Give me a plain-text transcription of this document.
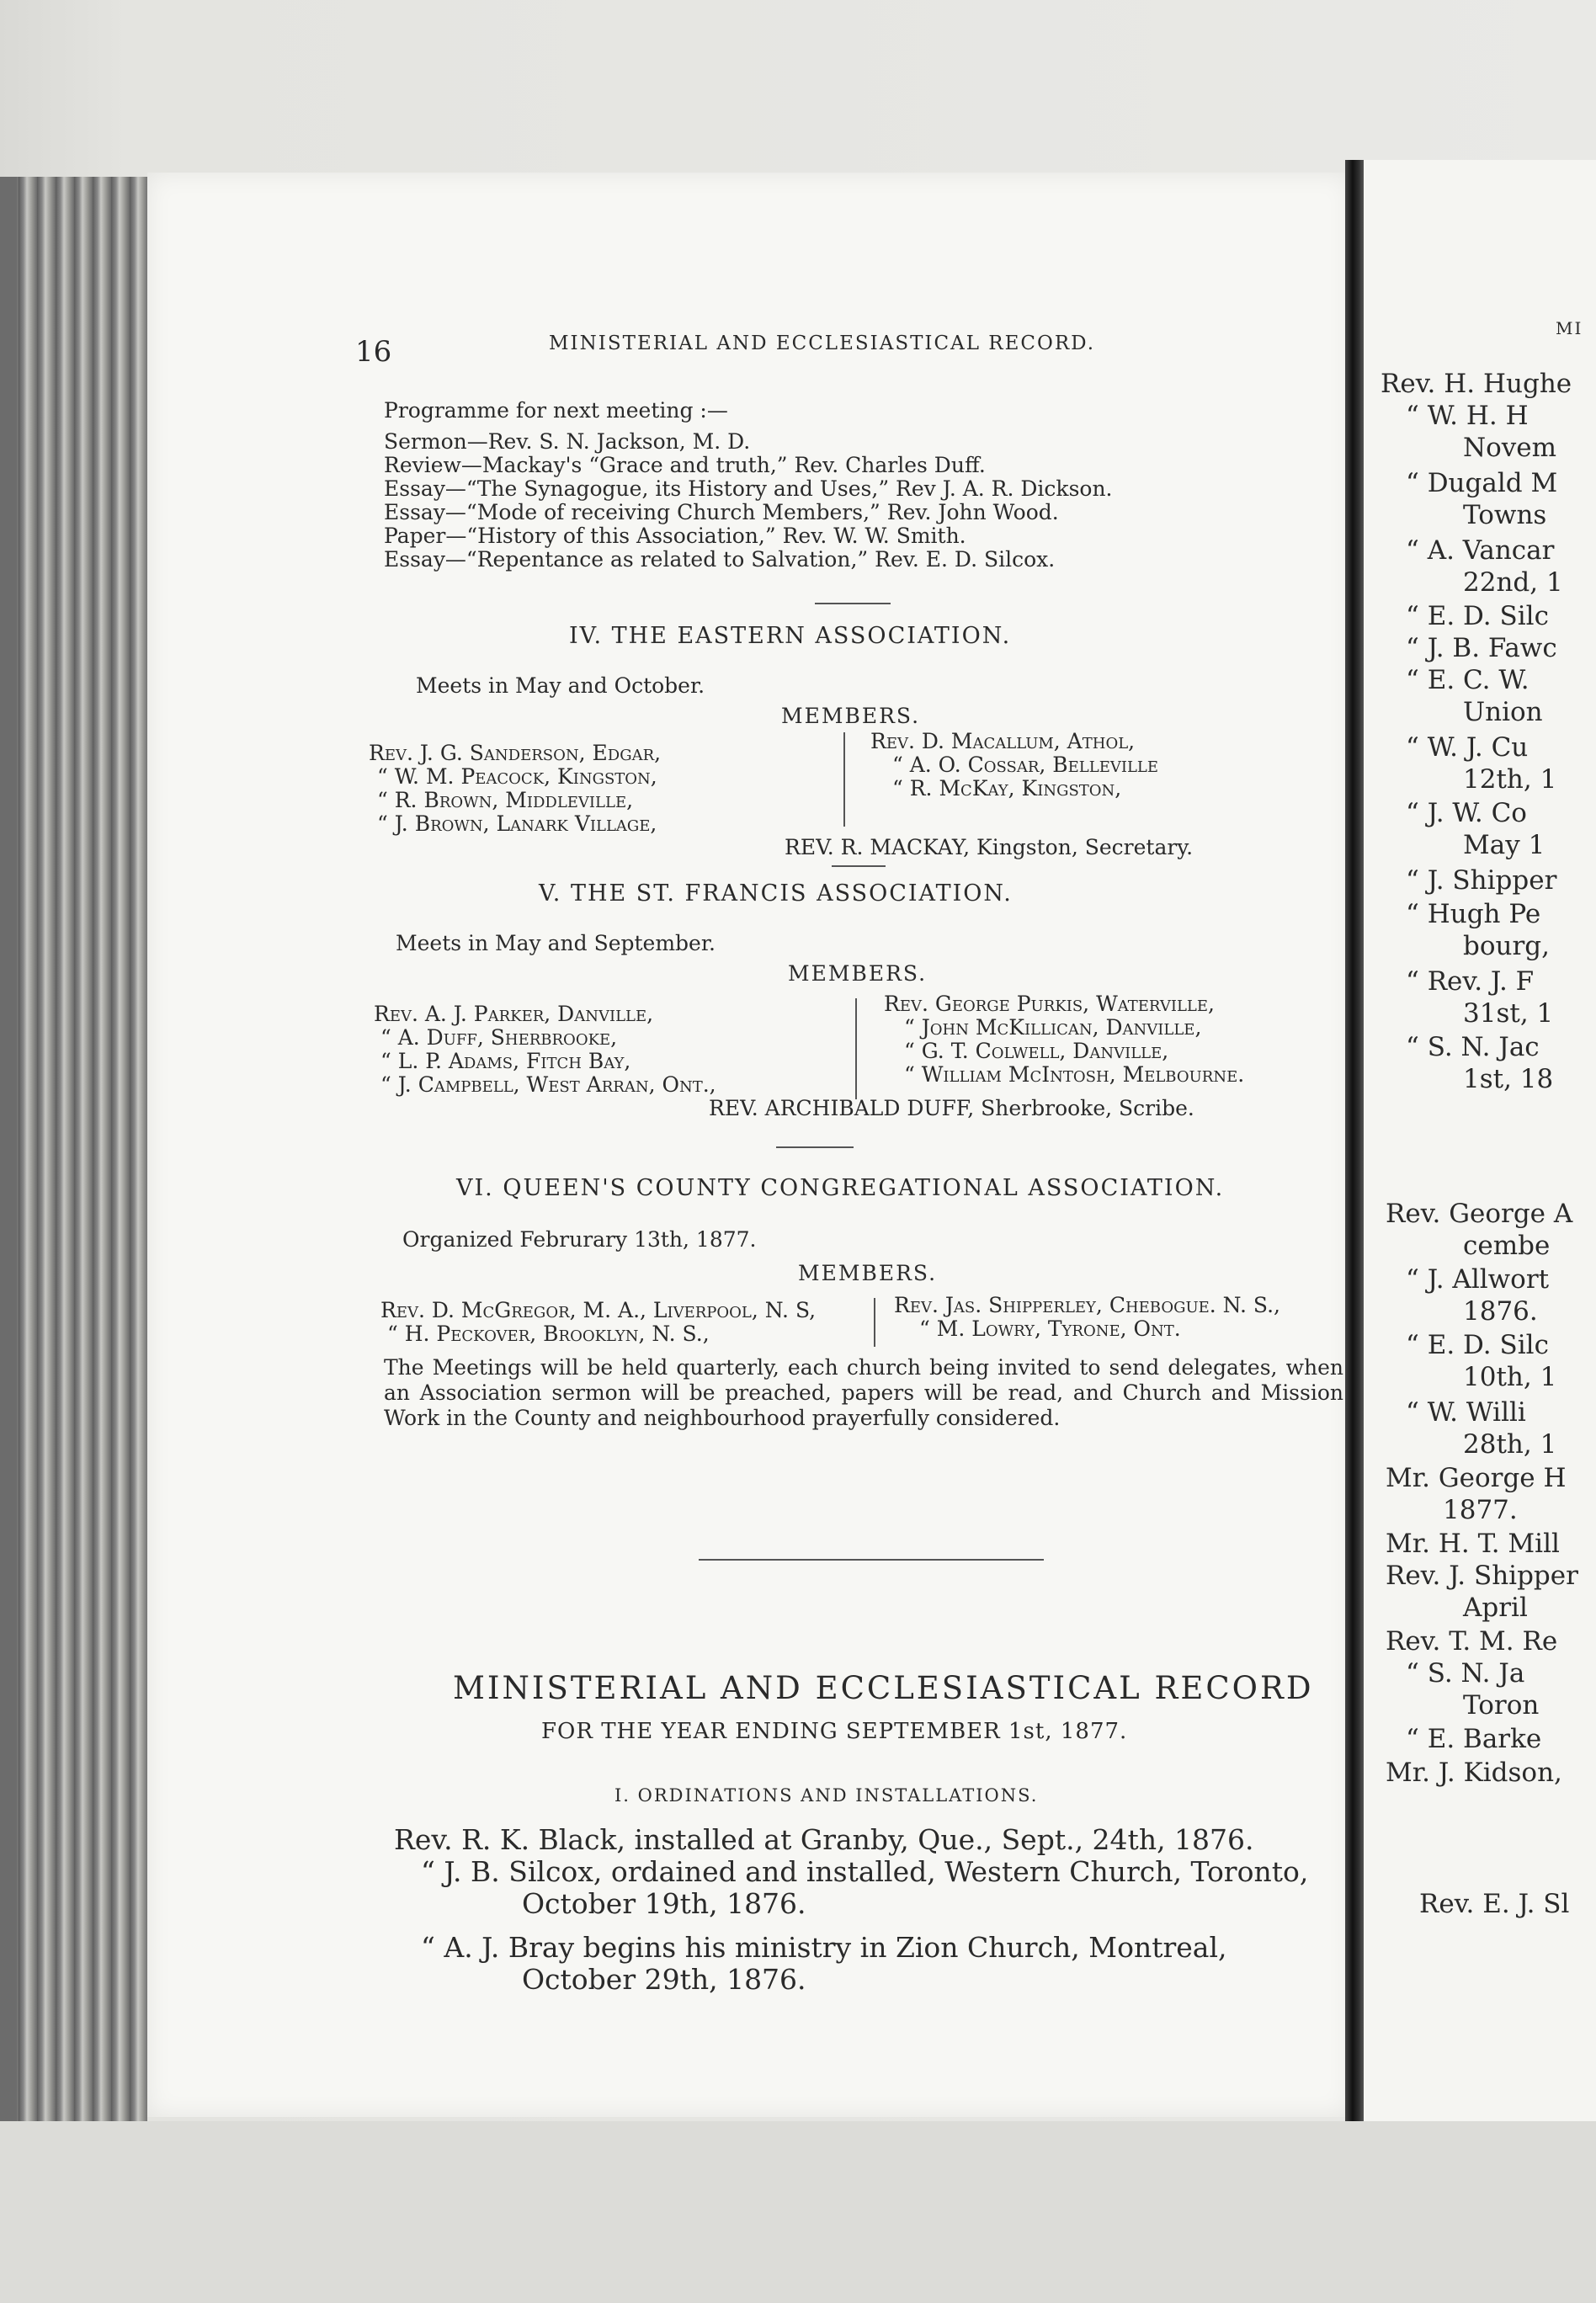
16	MINISTERIAL AND ECCLESIASTICAL RECORD.
Programme for next meeting :—
Sermon—Rev. S. N. Jackson, M. D.
Review—Mackay's “Grace and truth,” Rev. Charles Duff.
Essay—“The Synagogue, its History and Uses,” Rev J. A. R. Dickson.
Essay—“Mode of receiving Church Members,” Rev. John Wood.
Paper—“History of this Association,” Rev. W. W. Smith.
Essay—“Repentance as related to Salvation,” Rev. E. D. Silcox.
IV. THE EASTERN ASSOCIATION.
Meets in May and October.
MEMBERS.
Rev. J. G. Sanderson, Edgar,
“ W. M. Peacock, Kingston,
“ R. Brown, Middleville,
“ J. Brown, Lanark Village,
Rev. D. Macallum, Athol,
“ A. O. Cossar, Belleville
“ R. McKay, Kingston,
REV. R. MACKAY, Kingston, Secretary.
V. THE ST. FRANCIS ASSOCIATION.
Meets in May and September.
MEMBERS.
Rev. A. J. Parker, Danville,
“ A. Duff, Sherbrooke,
“ L. P. Adams, Fitch Bay,
“ J. Campbell, West Arran, Ont.,
Rev. George Purkis, Waterville,
“ John McKillican, Danville,
“ G. T. Colwell, Danville,
“ William McIntosh, Melbourne.
REV. ARCHIBALD DUFF, Sherbrooke, Scribe.
VI. QUEEN'S COUNTY CONGREGATIONAL ASSOCIATION.
Organized Februrary 13th, 1877.
MEMBERS.
Rev. D. McGregor, M. A., Liverpool, N. S,
“ H. Peckover, Brooklyn, N. S.,
Rev. Jas. Shipperley, Chebogue. N. S.,
“ M. Lowry, Tyrone, Ont.
The Meetings will be held quarterly, each church being invited to send delegates, when an Association sermon will be preached, papers will be read, and Church and Mission Work in the County and neighbourhood prayerfully considered.
MINISTERIAL AND ECCLESIASTICAL RECORD
FOR THE YEAR ENDING SEPTEMBER 1st, 1877.
I. ORDINATIONS AND INSTALLATIONS.
Rev. R. K. Black, installed at Granby, Que., Sept., 24th, 1876.
“ J. B. Silcox, ordained and installed, Western Church, Toronto,
October 19th, 1876.
“ A. J. Bray begins his ministry in Zion Church, Montreal,
October 29th, 1876.
MI
Rev. H. Hughe
“ W. H. H
Novem
“ Dugald M
Towns
“ A. Vancar
22nd, 1
“ E. D. Silc
“ J. B. Fawc
“ E. C. W.
Union
“ W. J. Cu
12th, 1
“ J. W. Co
May 1
“ J. Shipper
“ Hugh Pe
bourg,
“ Rev. J. F
31st, 1
“ S. N. Jac
1st, 18
Rev. George A
cembe
“ J. Allwort
1876.
“ E. D. Silc
10th, 1
“ W. Willi
28th, 1
Mr. George H
1877.
Mr. H. T. Mill
Rev. J. Shipper
April
Rev. T. M. Re
“ S. N. Ja
Toron
“ E. Barke
Mr. J. Kidson,
Rev. E. J. Sl
